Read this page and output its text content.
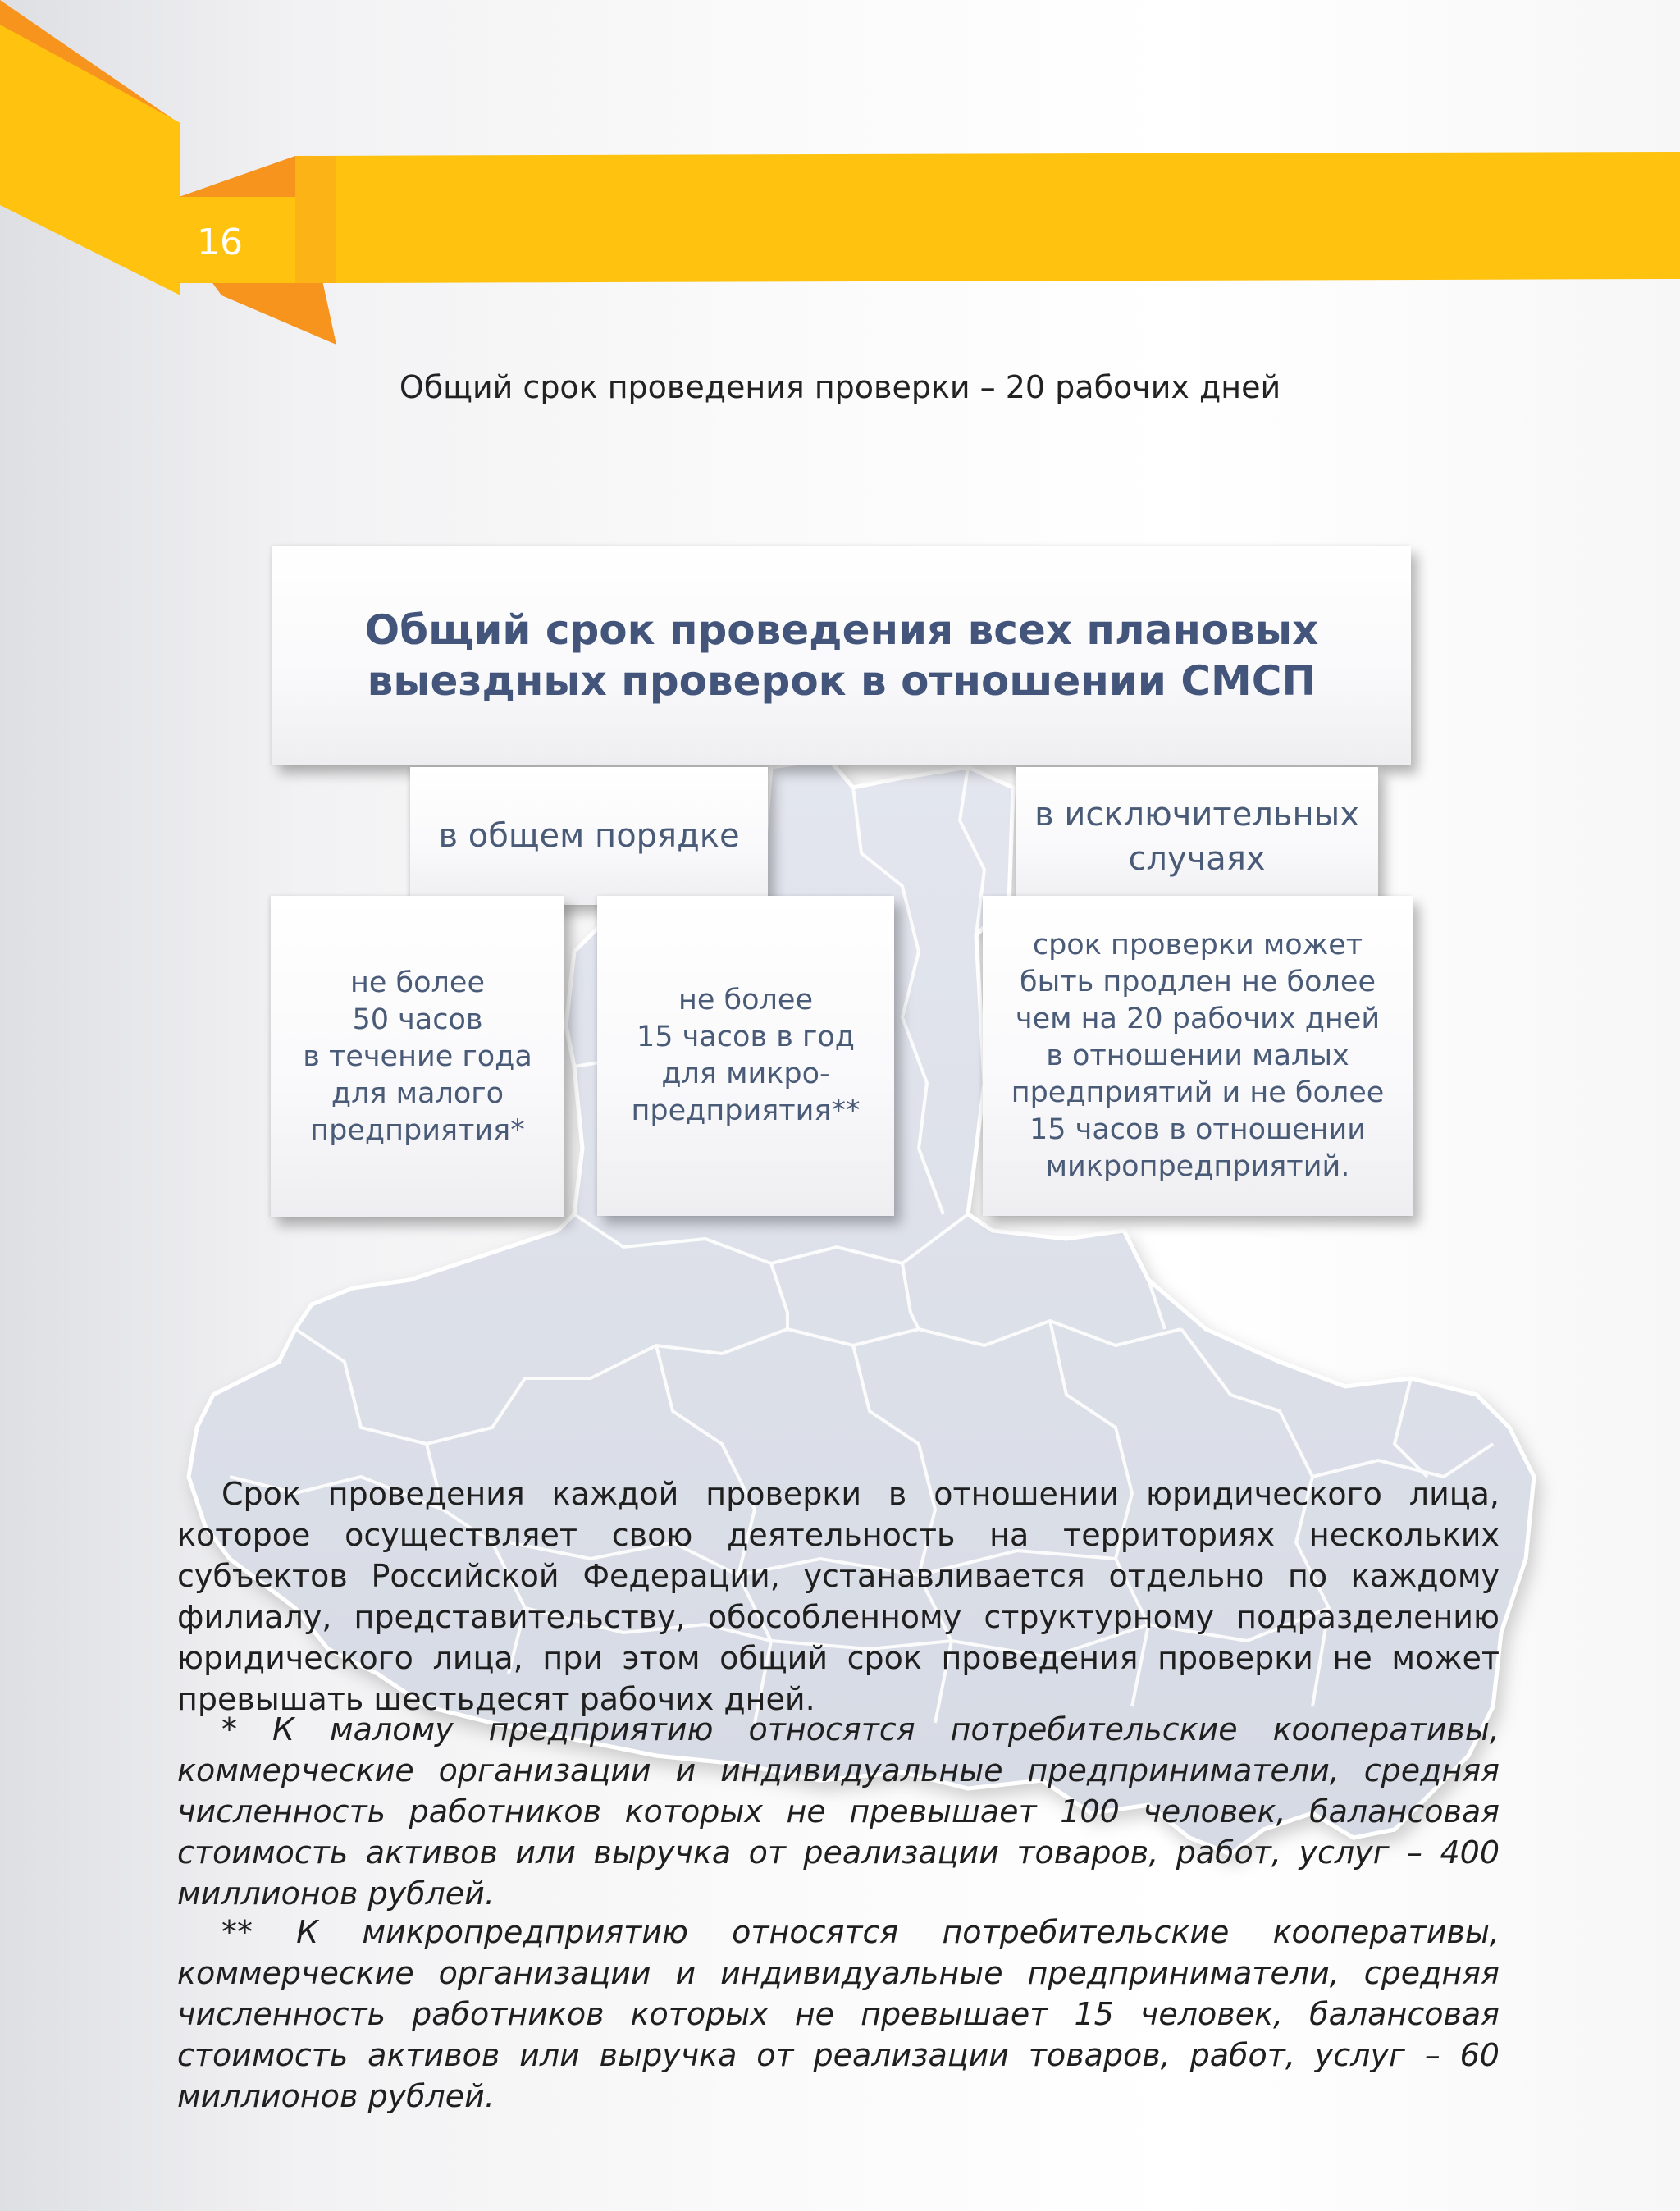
16
Общий срок проведения проверки – 20 рабочих дней
Общий срок проведения всех плановых
выездных проверок в отношении СМСП
в общем порядке
в исключительных
случаях
не более
50 часов
в течение года
для малого
предприятия*
не более
15 часов в год
для микро-
предприятия**
срок проверки может
быть продлен не более
чем на 20 рабочих дней
в отношении малых
предприятий и не более
15 часов в отношении
микропредприятий.

Срок проведения каждой проверки в отношении юридического лица, которое осуществляет свою деятельность на территориях нескольких субъектов Российской Федерации, устанавливается отдельно по каждому филиалу, представительству, обособленному структурному подразделению юридического лица, при этом общий срок проведения проверки не может превышать шестьдесят рабочих дней.

* К малому предприятию относятся потребительские кооперативы, коммерческие организации и индивидуальные предприниматели, средняя численность работников которых не превышает 100 человек, балансовая стоимость активов или выручка от реализации товаров, работ, услуг – 400 миллионов рублей.

** К микропредприятию относятся потребительские кооперативы, коммерческие организации и индивидуальные предприниматели, средняя численность работников которых не превышает 15 человек, балансовая стоимость активов или выручка от реализации товаров, работ, услуг – 60 миллионов рублей.
